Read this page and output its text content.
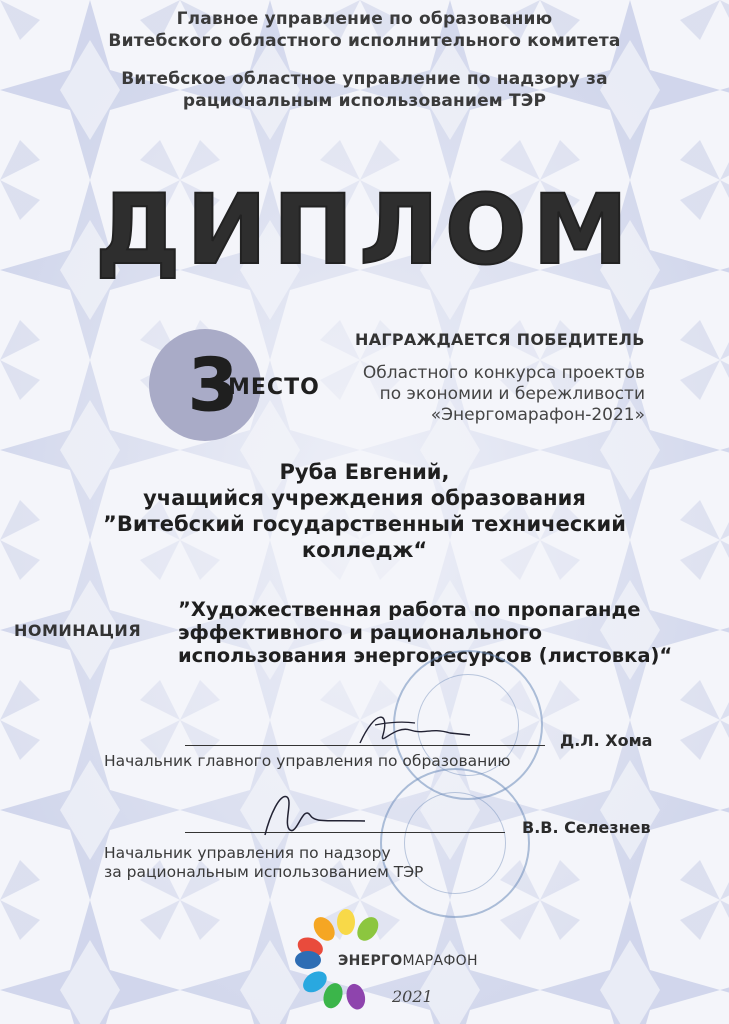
Главное управление по образованию
Витебского областного исполнительного комитета
Витебское областное управление по надзору за
рациональным использованием ТЭР
ДИПЛОМ
3
МЕСТО
НАГРАЖДАЕТСЯ ПОБЕДИТЕЛЬ
Областного конкурса проектов
по экономии и бережливости
«Энергомарафон-2021»
Руба Евгений,
учащийся учреждения образования
”Витебский государственный технический
колледж“
НОМИНАЦИЯ
”Художественная работа по пропаганде
эффективного и рационального
использования энергоресурсов (листовка)“
Д.Л. Хома
Начальник главного управления по образованию
В.В. Селезнев
Начальник управления по надзору
за рациональным использованием ТЭР
ЭНЕРГОМАРАФОН
2021
